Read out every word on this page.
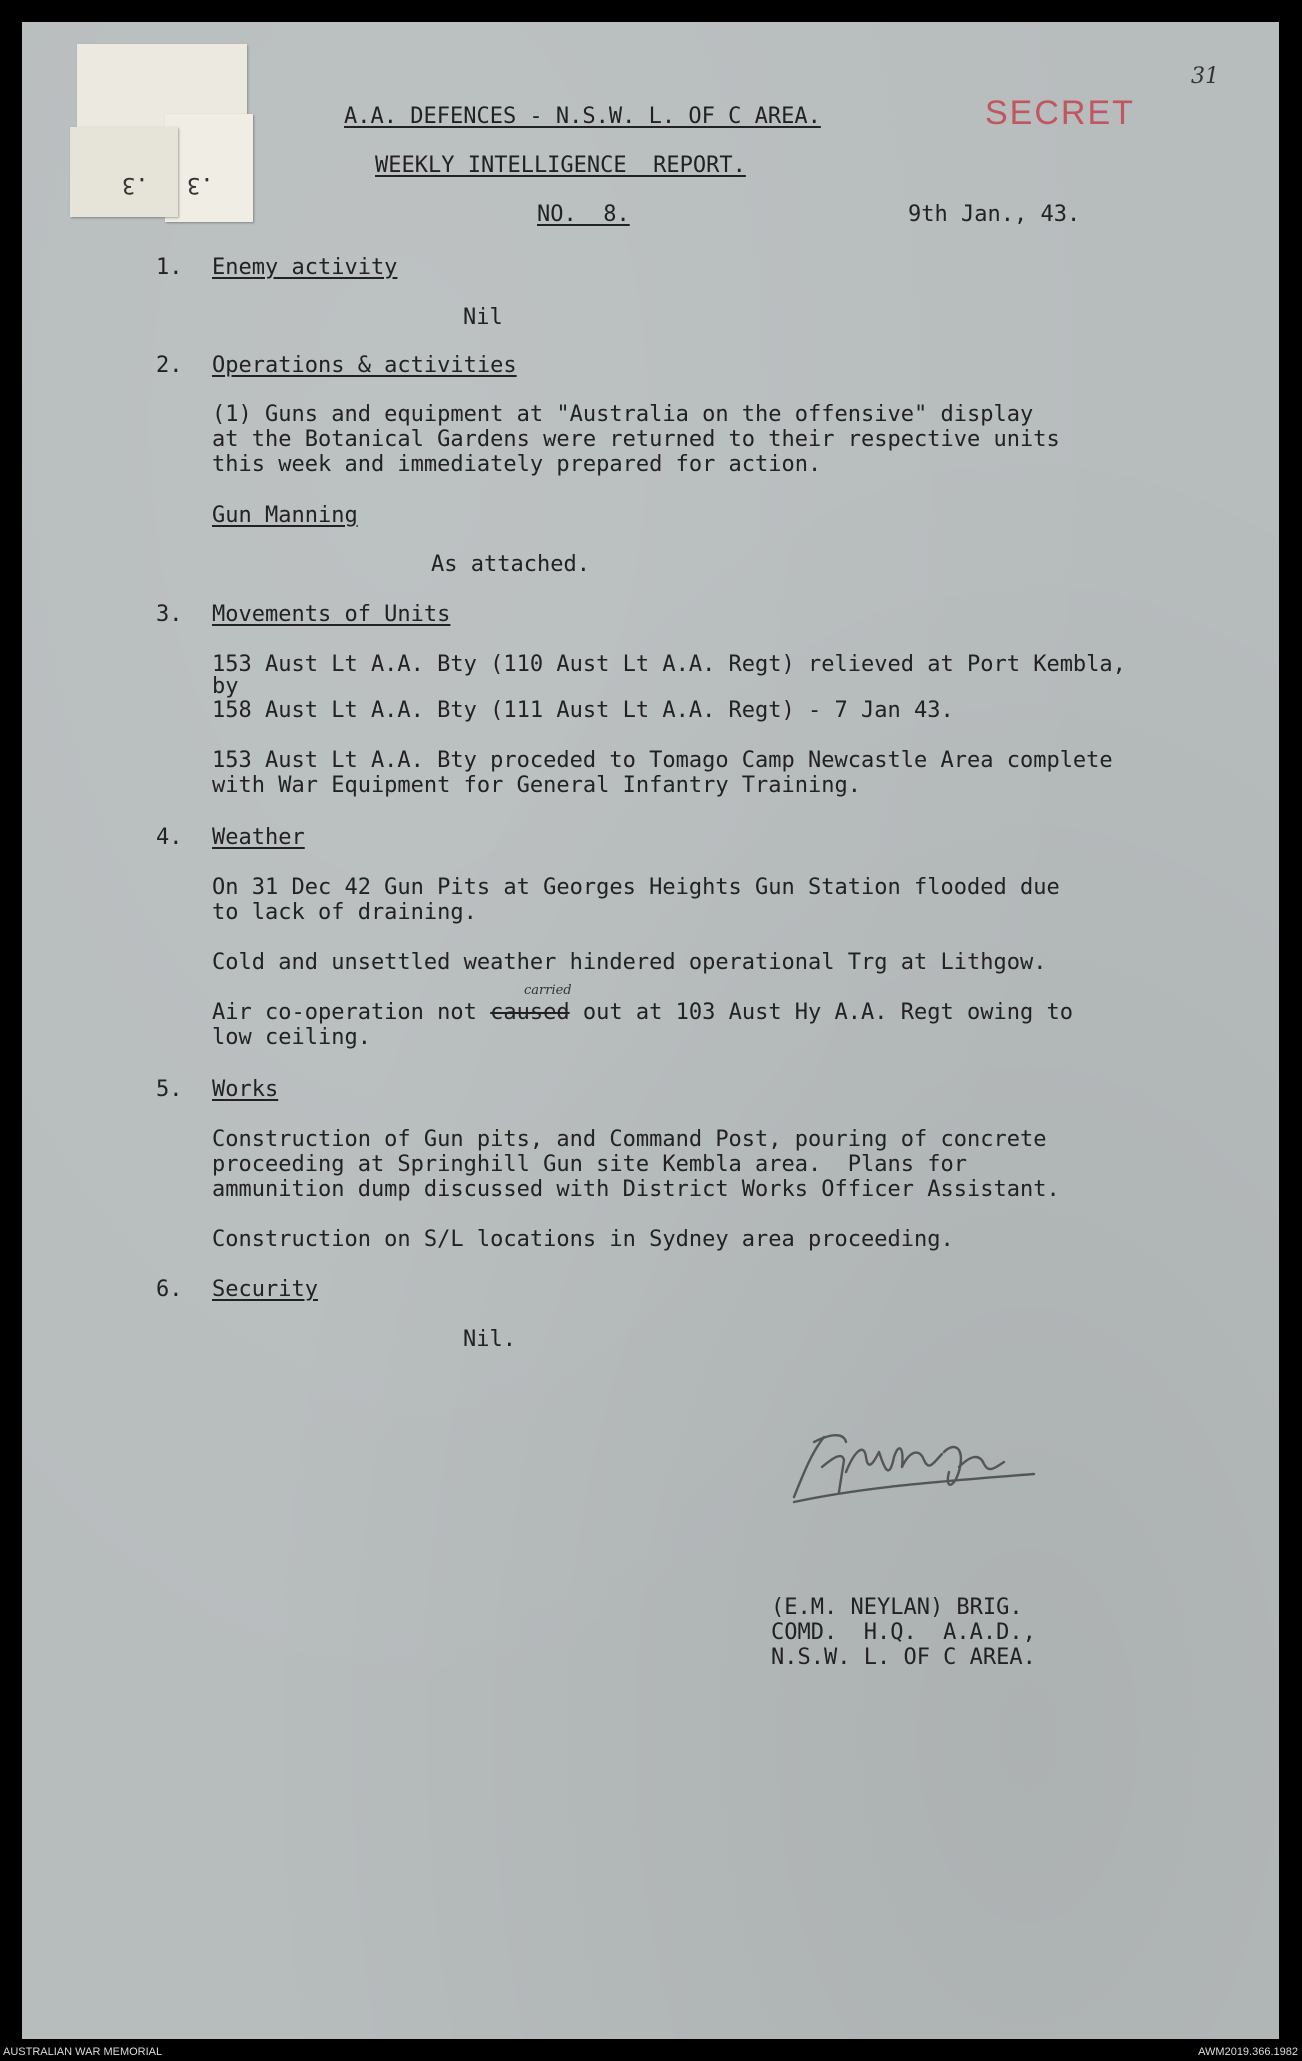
.3 .3
31
SECRET
A.A. DEFENCES - N.S.W. L. OF C AREA.
WEEKLY INTELLIGENCE  REPORT.
NO.  8.	9th Jan., 43.
1. Enemy activity
Nil
2. Operations & activities
(1) Guns and equipment at "Australia on the offensive" display
at the Botanical Gardens were returned to their respective units
this week and immediately prepared for action.
Gun Manning
As attached.
3. Movements of Units
153 Aust Lt A.A. Bty (110 Aust Lt A.A. Regt) relieved at Port Kembla,
by
158 Aust Lt A.A. Bty (111 Aust Lt A.A. Regt) - 7 Jan 43.
153 Aust Lt A.A. Bty proceded to Tomago Camp Newcastle Area complete
with War Equipment for General Infantry Training.
4. Weather
On 31 Dec 42 Gun Pits at Georges Heights Gun Station flooded due
to lack of draining.
Cold and unsettled weather hindered operational Trg at Lithgow.
Air co-operation not caused out at 103 Aust Hy A.A. Regt owing to
carried
low ceiling.
5. Works
Construction of Gun pits, and Command Post, pouring of concrete
proceeding at Springhill Gun site Kembla area.  Plans for
ammunition dump discussed with District Works Officer Assistant.
Construction on S/L locations in Sydney area proceeding.
6. Security
Nil.
(E.M. NEYLAN) BRIG.
COMD.  H.Q.  A.A.D.,
N.S.W. L. OF C AREA.
AUSTRALIAN WAR MEMORIAL	AWM2019.366.1982
